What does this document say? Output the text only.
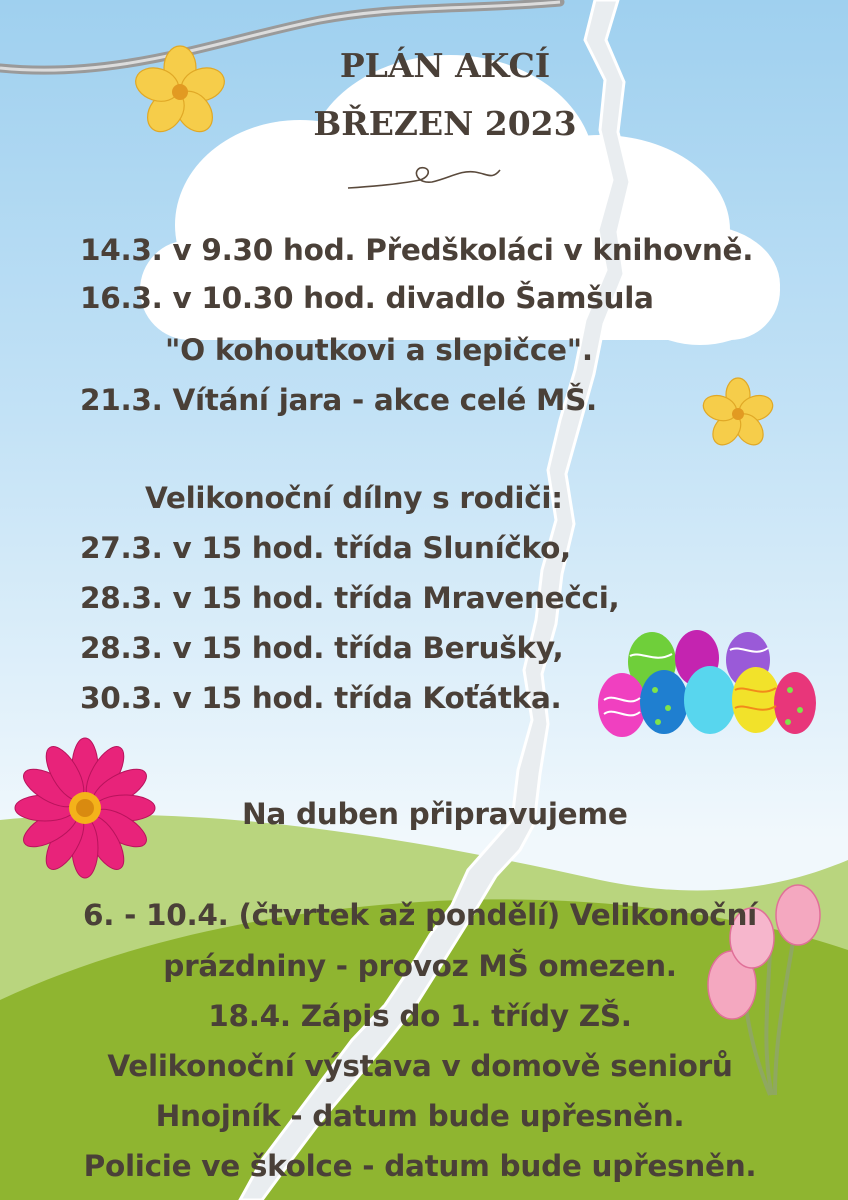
PLÁN AKCÍ
BŘEZEN 2023
14.3. v 9.30 hod. Předškoláci v knihovně.
16.3. v 10.30 hod. divadlo Šamšula
"O kohoutkovi a slepičce".
21.3. Vítání jara - akce celé MŠ.
Velikonoční dílny s rodiči:
27.3. v 15 hod. třída Sluníčko,
28.3. v 15 hod. třída Mravenečci,
28.3. v 15 hod. třída Berušky,
30.3. v 15 hod. třída Koťátka.
Na duben připravujeme
6. - 10.4. (čtvrtek až pondělí) Velikonoční
prázdniny - provoz MŠ omezen.
18.4. Zápis do 1. třídy ZŠ.
Velikonoční výstava v domově seniorů
Hnojník - datum bude upřesněn.
Policie ve školce - datum bude upřesněn.
